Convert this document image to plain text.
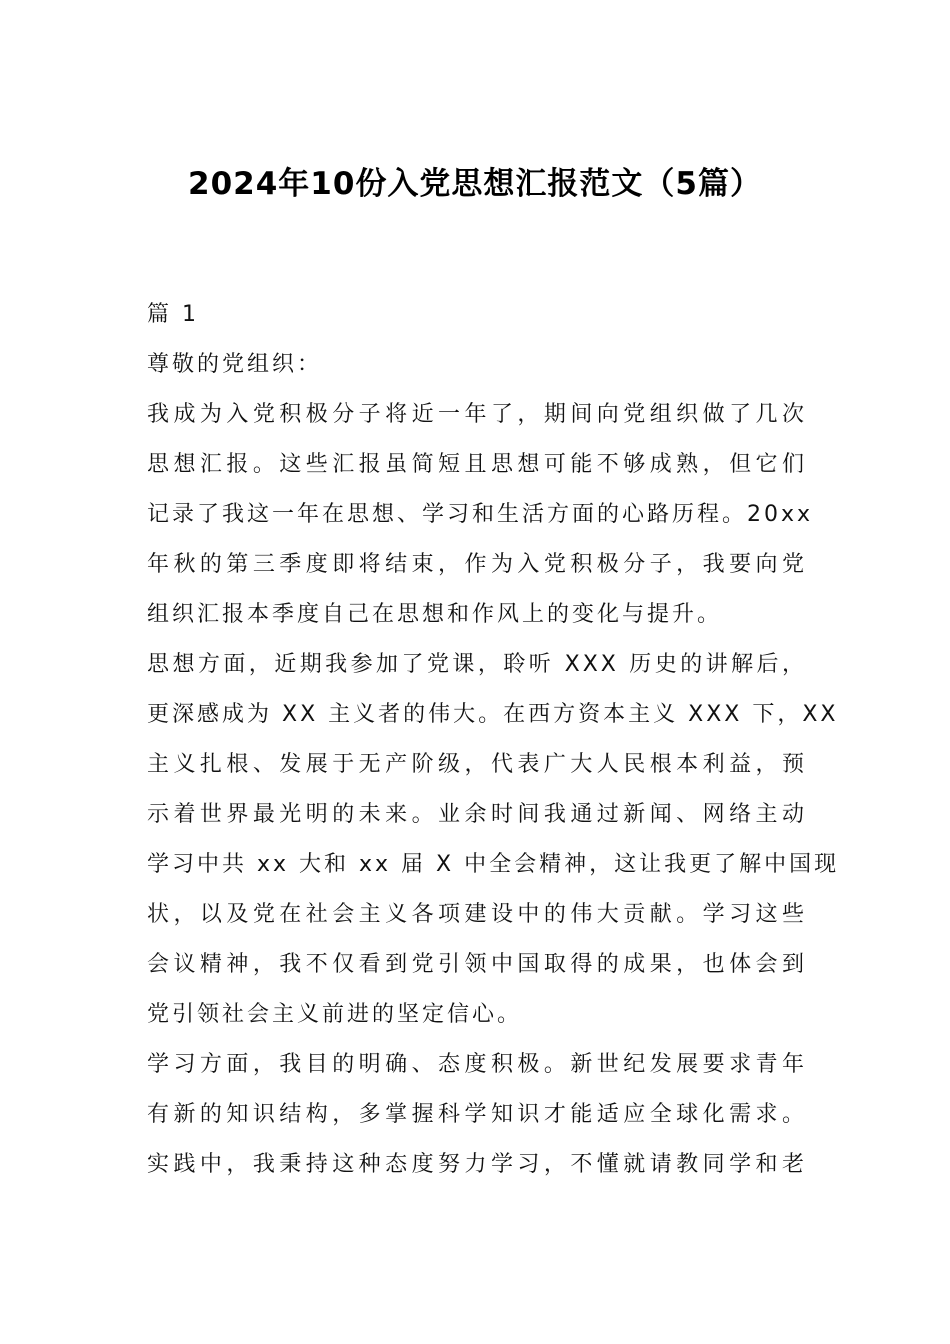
2024年10份入党思想汇报范文（5篇）
篇 1
尊敬的党组织：
我成为入党积极分子将近一年了，期间向党组织做了几次
思想汇报。这些汇报虽简短且思想可能不够成熟，但它们
记录了我这一年在思想、学习和生活方面的心路历程。20xx
年秋的第三季度即将结束，作为入党积极分子，我要向党
组织汇报本季度自己在思想和作风上的变化与提升。
思想方面，近期我参加了党课，聆听 XXX 历史的讲解后，
更深感成为 XX 主义者的伟大。在西方资本主义 XXX 下，XX
主义扎根、发展于无产阶级，代表广大人民根本利益，预
示着世界最光明的未来。业余时间我通过新闻、网络主动
学习中共 xx 大和 xx 届 X 中全会精神，这让我更了解中国现
状，以及党在社会主义各项建设中的伟大贡献。学习这些
会议精神，我不仅看到党引领中国取得的成果，也体会到
党引领社会主义前进的坚定信心。
学习方面，我目的明确、态度积极。新世纪发展要求青年
有新的知识结构，多掌握科学知识才能适应全球化需求。
实践中，我秉持这种态度努力学习，不懂就请教同学和老
